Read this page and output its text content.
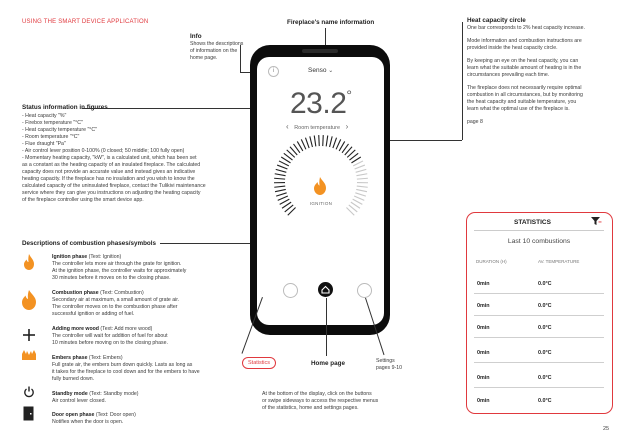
USING THE SMART DEVICE APPLICATION
Info
Shows the descriptions
of information on the
home page.
Fireplace's name information	Heat capacity circle
One bar corresponds to 2% heat capacity increase.
Mode information and combustion instructions are
provided inside the heat capacity circle.
By keeping an eye on the heat capacity, you can
learn what the suitable amount of heating is in the
circumstances prevailing each time.
The fireplace does not necessarily require optimal
combustion in all circumstances, but by monitoring
the heat capacity and suitable temperature, you
learn what the optimal use of the fireplace is.
page 8
Status information in figures
- Heat capacity "%"
- Firebox temperature "°C"
- Heat capacity temperature "°C"
- Room temperature "°C"
- Flue draught "Pa"
- Air control lever position 0-100% (0 closed; 50 middle; 100 fully open)
- Momentary heating capacity, "kW", is a calculated unit, which has been set
as a constant as the heating capacity of an insulated fireplace. The calculated
capacity does not provide an accurate value and instead gives an indicative
heating capacity. If the fireplace has no insulation and you wish to know the
calculated capacity of the uninsulated fireplace, contact the Tulikivi maintenance
service where they can give you instructions on adjusting the heating capacity
of the fireplace controller using the smart device app.
Descriptions of combustion phases/symbols
Ignition phase (Text: Ignition)
The controller lets more air through the grate for ignition.
At the ignition phase, the controller waits for approximately
30 minutes before it moves on to the closing phase.
Combustion phase (Text: Combustion)
Secondary air at maximum, a small amount of grate air.
The controller moves on to the combustion phase after
successful ignition or adding of fuel.
Adding more wood (Text: Add more wood)
The controller will wait for addition of fuel for about
10 minutes before moving on to the closing phase.
Embers phase (Text: Embers)
Full grate air, the embers burn down quickly. Lasts as long as
it takes for the fireplace to cool down and for the embers to have
fully burned down.
Standby mode (Text: Standby mode)
Air control lever closed.
Door open phase (Text: Door open)
Notifies when the door is open.
i	Senso ⌄
23.2°
‹ Room temperature ›
IGNITION
Statistics	Home page	Settings
pages 9-10
At the bottom of the display, click on the buttons
or swipe sideways to access the respective menus
of the statistics, home and settings pages.
STATISTICS
Last 10 combustions
DURATION (H)	AV. TEMPERATURE
0min	0.0°C
0min	0.0°C
0min	0.0°C
0min	0.0°C
0min	0.0°C
0min	0.0°C
25
